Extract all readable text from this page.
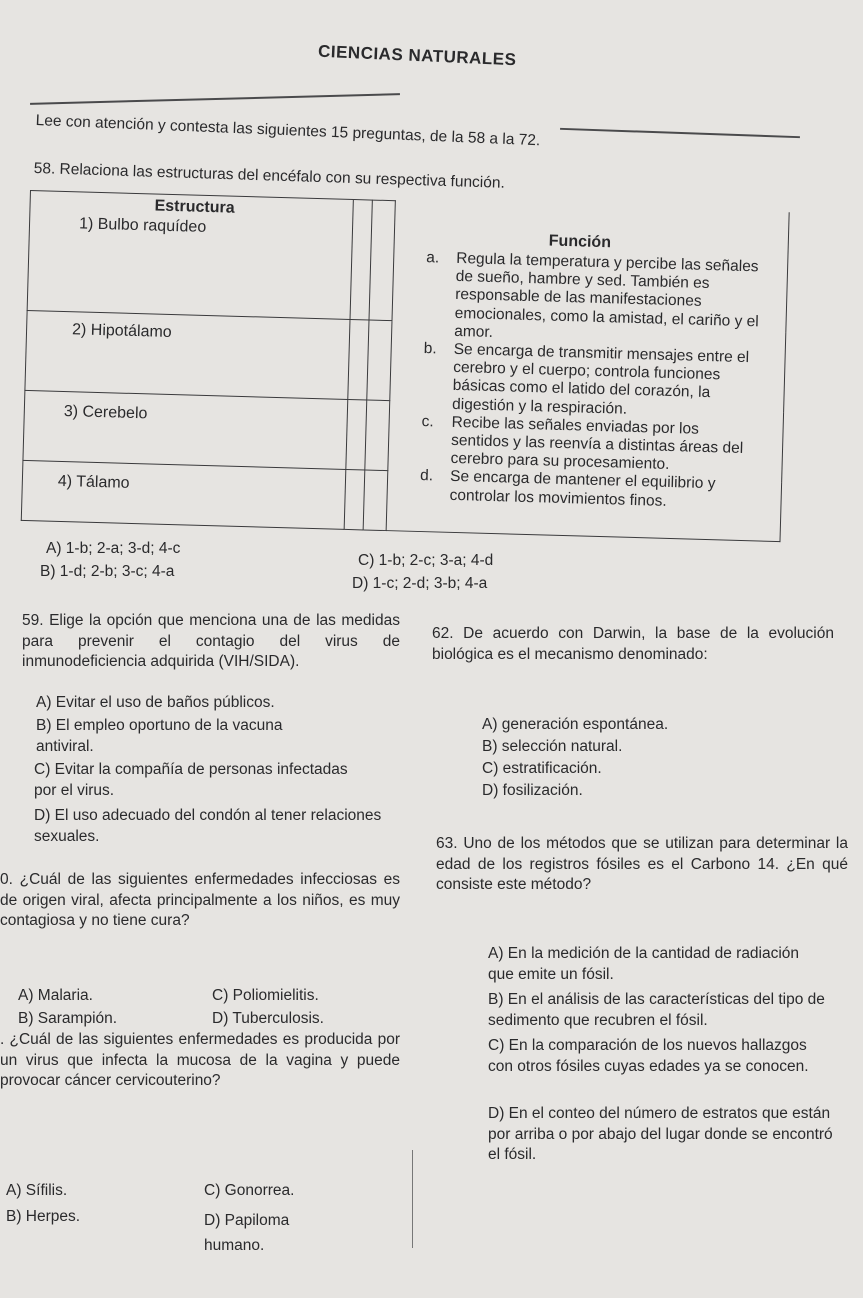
CIENCIAS NATURALES
Lee con atención y contesta las siguientes 15 preguntas, de la 58 a la 72.
58. Relaciona las estructuras del encéfalo con su respectiva función.

Estructura
Función
1) Bulbo raquídeo
2) Hipotálamo
3) Cerebelo
4) Tálamo
a. Regula la temperatura y percibe las señales de sueño, hambre y sed. También es responsable de las manifestaciones emocionales, como la amistad, el cariño y el amor.
b. Se encarga de transmitir mensajes entre el cerebro y el cuerpo; controla funciones básicas como el latido del corazón, la digestión y la respiración.
c. Recibe las señales enviadas por los sentidos y las reenvía a distintas áreas del cerebro para su procesamiento.
d. Se encarga de mantener el equilibrio y controlar los movimientos finos.
A) 1-b; 2-a; 3-d; 4-c
B) 1-d; 2-b; 3-c; 4-a
C) 1-b; 2-c; 3-a; 4-d
D) 1-c; 2-d; 3-b; 4-a
59. Elige la opción que menciona una de las medidas para prevenir el contagio del virus de inmunodeficiencia adquirida (VIH/SIDA).
A) Evitar el uso de baños públicos.
B) El empleo oportuno de la vacuna antiviral.
C) Evitar la compañía de personas infectadas por el virus.
D) El uso adecuado del condón al tener relaciones sexuales.
0. ¿Cuál de las siguientes enfermedades infecciosas es de origen viral, afecta principalmente a los niños, es muy contagiosa y no tiene cura?
A) Malaria.
B) Sarampión.
C) Poliomielitis.
D) Tuberculosis.
. ¿Cuál de las siguientes enfermedades es producida por un virus que infecta la mucosa de la vagina y puede provocar cáncer cervicouterino?
A) Sífilis.
B) Herpes.
C) Gonorrea.
D) Papiloma humano.
62. De acuerdo con Darwin, la base de la evolución biológica es el mecanismo denominado:
A) generación espontánea.
B) selección natural.
C) estratificación.
D) fosilización.
63. Uno de los métodos que se utilizan para determinar la edad de los registros fósiles es el Carbono 14. ¿En qué consiste este método?
A) En la medición de la cantidad de radiación que emite un fósil.
B) En el análisis de las características del tipo de sedimento que recubren el fósil.
C) En la comparación de los nuevos hallazgos con otros fósiles cuyas edades ya se conocen.
D) En el conteo del número de estratos que están por arriba o por abajo del lugar donde se encontró el fósil.
